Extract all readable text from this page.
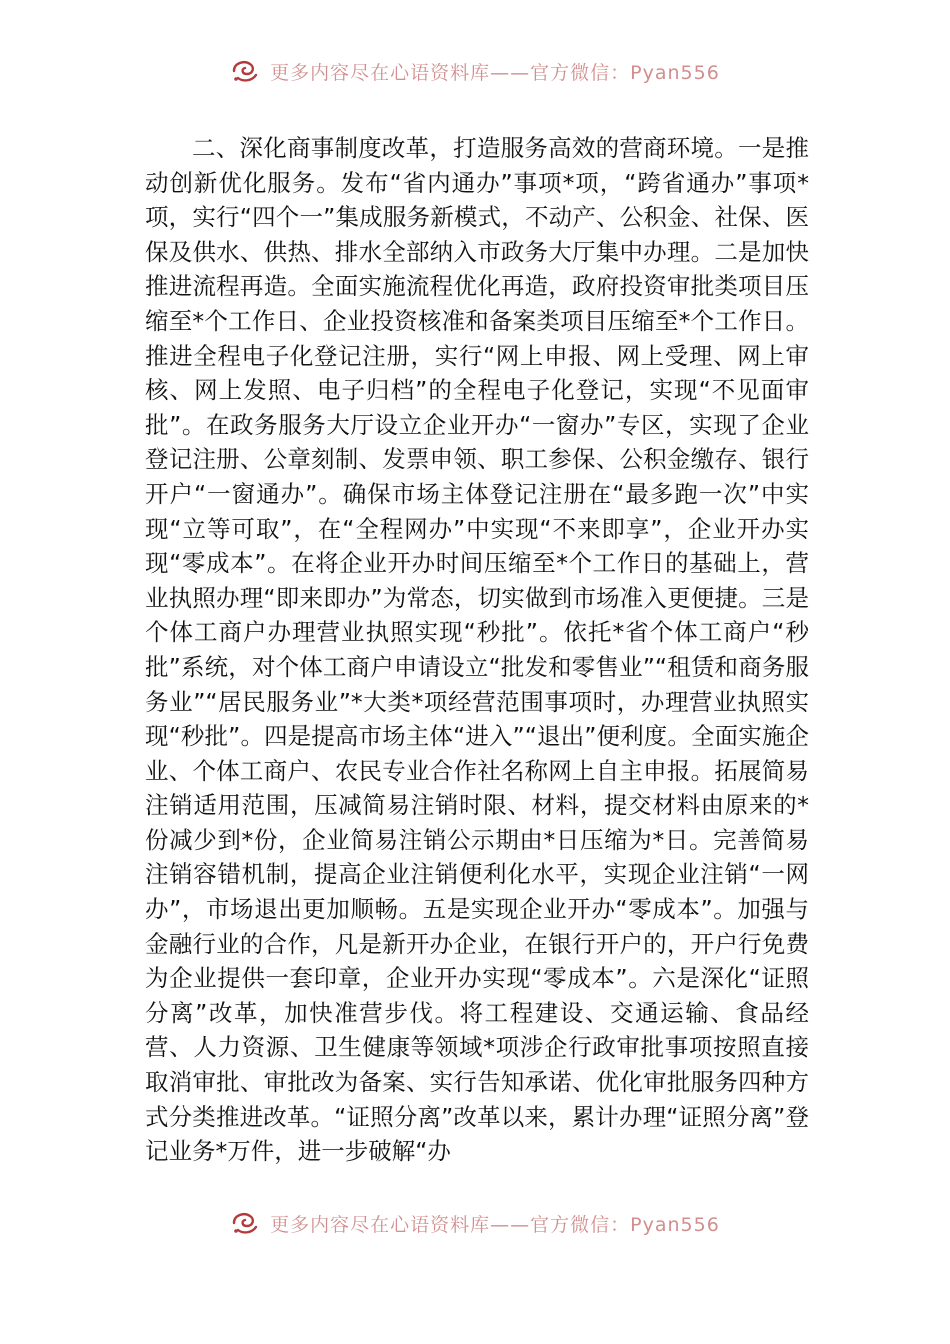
更多内容尽在心语资料库——官方微信：Pyan556

二、深化商事制度改革，打造服务高效的营商环境。一是推动创新优化服务。发布“省内通办”事项*项，“跨省通办”事项*项，实行“四个一”集成服务新模式，不动产、公积金、社保、医保及供水、供热、排水全部纳入市政务大厅集中办理。二是加快推进流程再造。全面实施流程优化再造，政府投资审批类项目压缩至*个工作日、企业投资核准和备案类项目压缩至*个工作日。推进全程电子化登记注册，实行“网上申报、网上受理、网上审核、网上发照、电子归档”的全程电子化登记，实现“不见面审批”。在政务服务大厅设立企业开办“一窗办”专区，实现了企业登记注册、公章刻制、发票申领、职工参保、公积金缴存、银行开户“一窗通办”。确保市场主体登记注册在“最多跑一次”中实现“立等可取”，在“全程网办”中实现“不来即享”，企业开办实现“零成本”。在将企业开办时间压缩至*个工作日的基础上，营业执照办理“即来即办”为常态，切实做到市场准入更便捷。三是个体工商户办理营业执照实现“秒批”。依托*省个体工商户“秒批”系统，对个体工商户申请设立“批发和零售业”“租赁和商务服务业”“居民服务业”*大类*项经营范围事项时，办理营业执照实现“秒批”。四是提高市场主体“进入”“退出”便利度。全面实施企业、个体工商户、农民专业合作社名称网上自主申报。拓展简易注销适用范围，压减简易注销时限、材料，提交材料由原来的*份减少到*份，企业简易注销公示期由*日压缩为*日。完善简易注销容错机制，提高企业注销便利化水平，实现企业注销“一网办”，市场退出更加顺畅。五是实现企业开办“零成本”。加强与金融行业的合作，凡是新开办企业，在银行开户的，开户行免费为企业提供一套印章，企业开办实现“零成本”。六是深化“证照分离”改革，加快准营步伐。将工程建设、交通运输、食品经营、人力资源、卫生健康等领域*项涉企行政审批事项按照直接取消审批、审批改为备案、实行告知承诺、优化审批服务四种方式分类推进改革。“证照分离”改革以来，累计办理“证照分离”登记业务*万件，进一步破解“办

更多内容尽在心语资料库——官方微信：Pyan556
